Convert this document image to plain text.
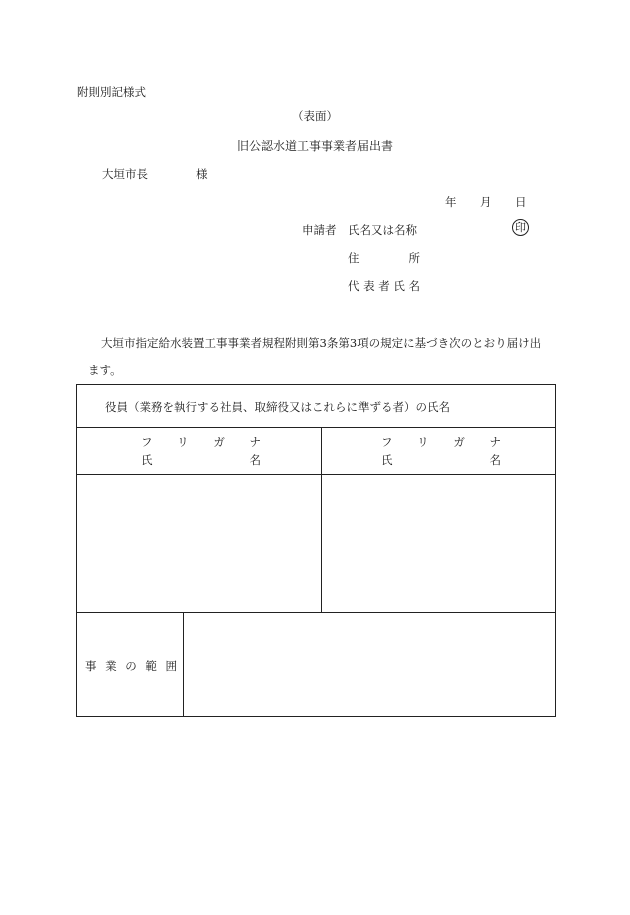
附則別記様式
（表面）
旧公認水道工事事業者届出書
大垣市長	様
年 月 日
申請者 氏名又は名称	印
住	所
代 表 者 氏 名
大垣市指定給水装置工事事業者規程附則第3条第3項の規定に基づき次のとおり届け出
ます。
役員（業務を執行する社員、取締役又はこれらに準ずる者）の氏名
フ リ ガ ナ
氏	名
フ リ ガ ナ
氏	名
事 業 の 範 囲
